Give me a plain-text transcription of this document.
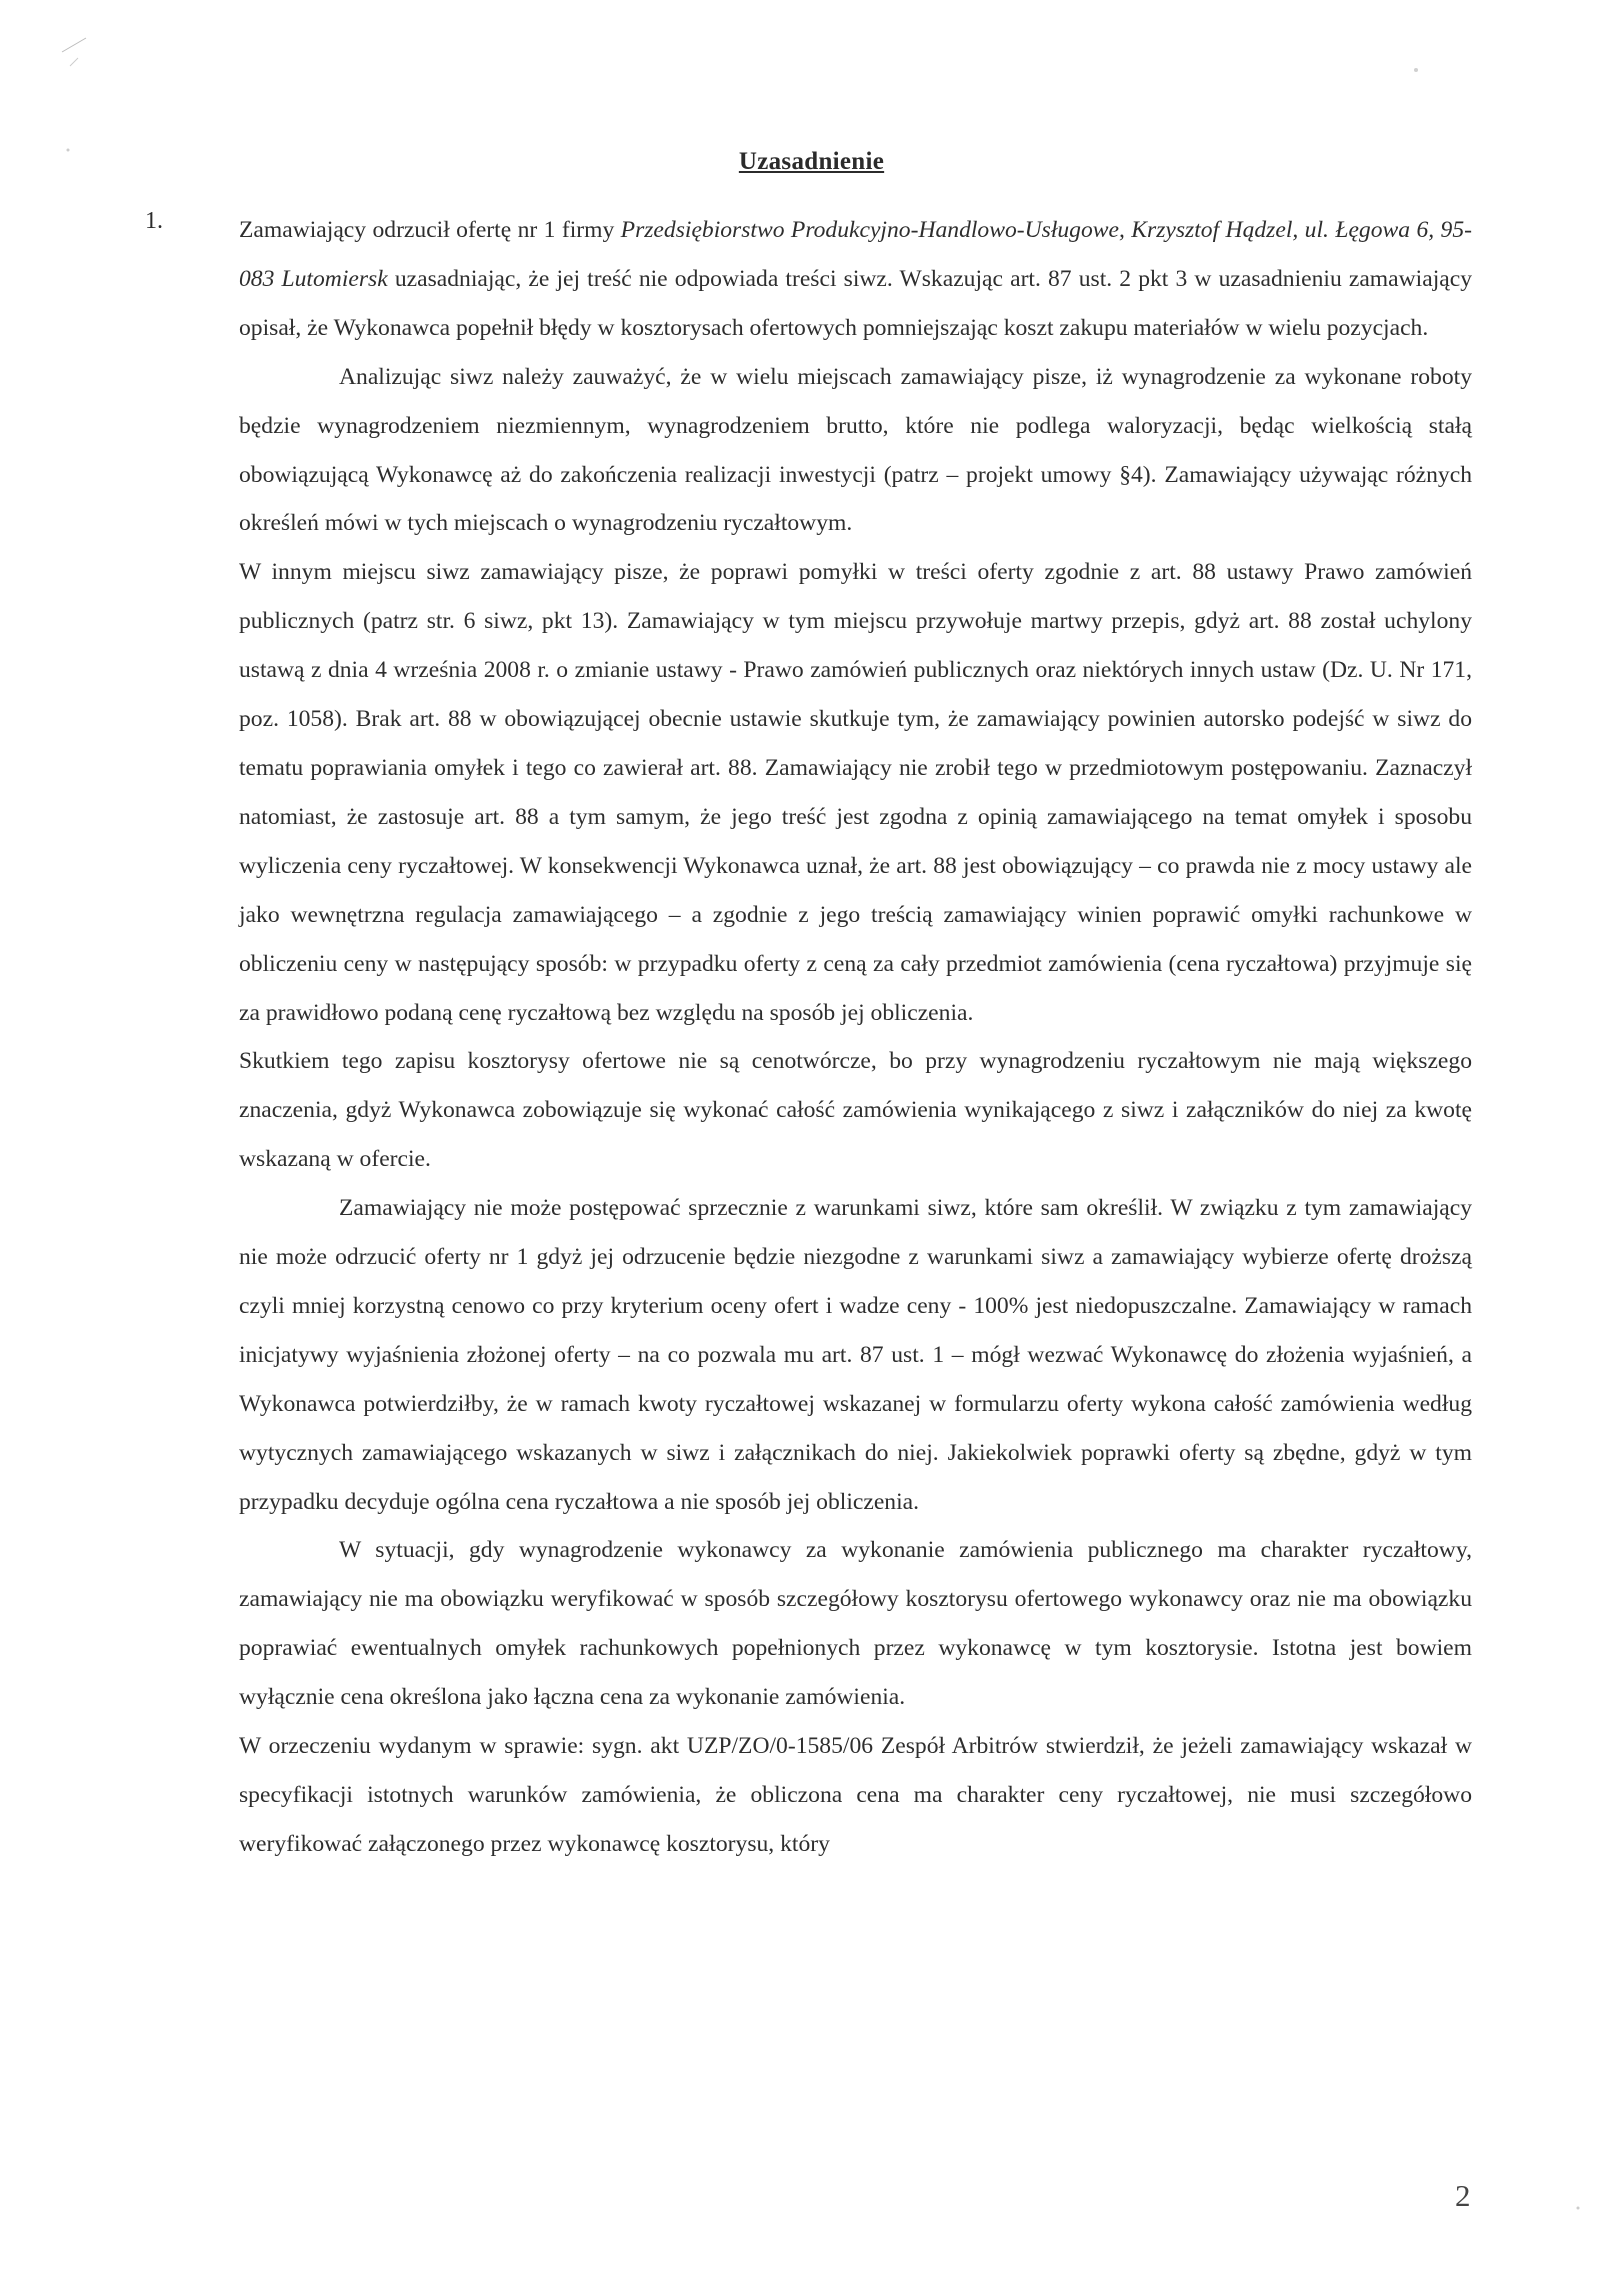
Uzasadnienie
1.	Zamawiający odrzucił ofertę nr 1 firmy Przedsiębiorstwo Produkcyjno-Handlowo-Usługowe, Krzysztof Hądzel, ul. Łęgowa 6, 95-083 Lutomiersk uzasadniając, że jej treść nie odpowiada treści siwz. Wskazując art. 87 ust. 2 pkt 3 w uzasadnieniu zamawiający opisał, że Wykonawca popełnił błędy w kosztorysach ofertowych pomniejszając koszt zakupu materiałów w wielu pozycjach.

Analizując siwz należy zauważyć, że w wielu miejscach zamawiający pisze, iż wynagrodzenie za wykonane roboty będzie wynagrodzeniem niezmiennym, wynagrodzeniem brutto, które nie podlega waloryzacji, będąc wielkością stałą obowiązującą Wykonawcę aż do zakończenia realizacji inwestycji (patrz – projekt umowy §4). Zamawiający używając różnych określeń mówi w tych miejscach o wynagrodzeniu ryczałtowym.

W innym miejscu siwz zamawiający pisze, że poprawi pomyłki w treści oferty zgodnie z art. 88 ustawy Prawo zamówień publicznych (patrz str. 6 siwz, pkt 13). Zamawiający w tym miejscu przywołuje martwy przepis, gdyż art. 88 został uchylony ustawą z dnia 4 września 2008 r. o zmianie ustawy - Prawo zamówień publicznych oraz niektórych innych ustaw (Dz. U. Nr 171, poz. 1058). Brak art. 88 w obowiązującej obecnie ustawie skutkuje tym, że zamawiający powinien autorsko podejść w siwz do tematu poprawiania omyłek i tego co zawierał art. 88. Zamawiający nie zrobił tego w przedmiotowym postępowaniu. Zaznaczył natomiast, że zastosuje art. 88 a tym samym, że jego treść jest zgodna z opinią zamawiającego na temat omyłek i sposobu wyliczenia ceny ryczałtowej. W konsekwencji Wykonawca uznał, że art. 88 jest obowiązujący – co prawda nie z mocy ustawy ale jako wewnętrzna regulacja zamawiającego – a zgodnie z jego treścią zamawiający winien poprawić omyłki rachunkowe w obliczeniu ceny w następujący sposób: w przypadku oferty z ceną za cały przedmiot zamówienia (cena ryczałtowa) przyjmuje się za prawidłowo podaną cenę ryczałtową bez względu na sposób jej obliczenia.

Skutkiem tego zapisu kosztorysy ofertowe nie są cenotwórcze, bo przy wynagrodzeniu ryczałtowym nie mają większego znaczenia, gdyż Wykonawca zobowiązuje się wykonać całość zamówienia wynikającego z siwz i załączników do niej za kwotę wskazaną w ofercie.

Zamawiający nie może postępować sprzecznie z warunkami siwz, które sam określił. W związku z tym zamawiający nie może odrzucić oferty nr 1 gdyż jej odrzucenie będzie niezgodne z warunkami siwz a zamawiający wybierze ofertę droższą czyli mniej korzystną cenowo co przy kryterium oceny ofert i wadze ceny - 100% jest niedopuszczalne. Zamawiający w ramach inicjatywy wyjaśnienia złożonej oferty – na co pozwala mu art. 87 ust. 1 – mógł wezwać Wykonawcę do złożenia wyjaśnień, a Wykonawca potwierdziłby, że w ramach kwoty ryczałtowej wskazanej w formularzu oferty wykona całość zamówienia według wytycznych zamawiającego wskazanych w siwz i załącznikach do niej. Jakiekolwiek poprawki oferty są zbędne, gdyż w tym przypadku decyduje ogólna cena ryczałtowa a nie sposób jej obliczenia.

W sytuacji, gdy wynagrodzenie wykonawcy za wykonanie zamówienia publicznego ma charakter ryczałtowy, zamawiający nie ma obowiązku weryfikować w sposób szczegółowy kosztorysu ofertowego wykonawcy oraz nie ma obowiązku poprawiać ewentualnych omyłek rachunkowych popełnionych przez wykonawcę w tym kosztorysie. Istotna jest bowiem wyłącznie cena określona jako łączna cena za wykonanie zamówienia.

W orzeczeniu wydanym w sprawie: sygn. akt UZP/ZO/0-1585/06 Zespół Arbitrów stwierdził, że jeżeli zamawiający wskazał w specyfikacji istotnych warunków zamówienia, że obliczona cena ma charakter ceny ryczałtowej, nie musi szczegółowo weryfikować załączonego przez wykonawcę kosztorysu, który

2
